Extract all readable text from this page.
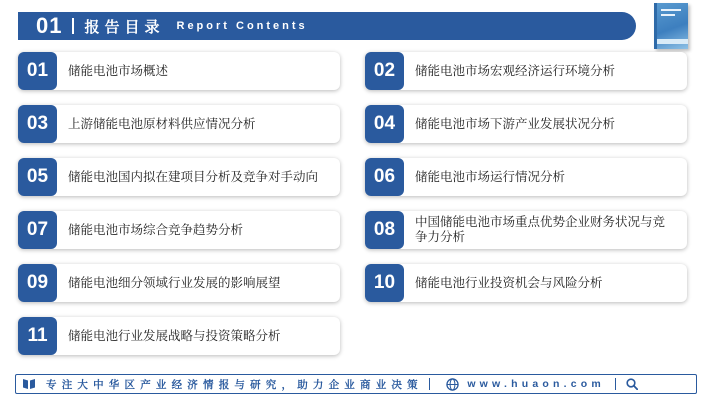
01 报告目录 Report Contents
01	储能电池市场概述	02	储能电池市场宏观经济运行环境分析
03	上游储能电池原材料供应情况分析	04	储能电池市场下游产业发展状况分析
05	储能电池国内拟在建项目分析及竞争对手动向	06	储能电池市场运行情况分析
07	储能电池市场综合竞争趋势分析	08	中国储能电池市场重点优势企业财务状况与竞争力分析
09	储能电池细分领域行业发展的影响展望	10	储能电池行业投资机会与风险分析
11	储能电池行业发展战略与投资策略分析
专注大中华区产业经济情报与研究，助力企业商业决策	www.huaon.com
